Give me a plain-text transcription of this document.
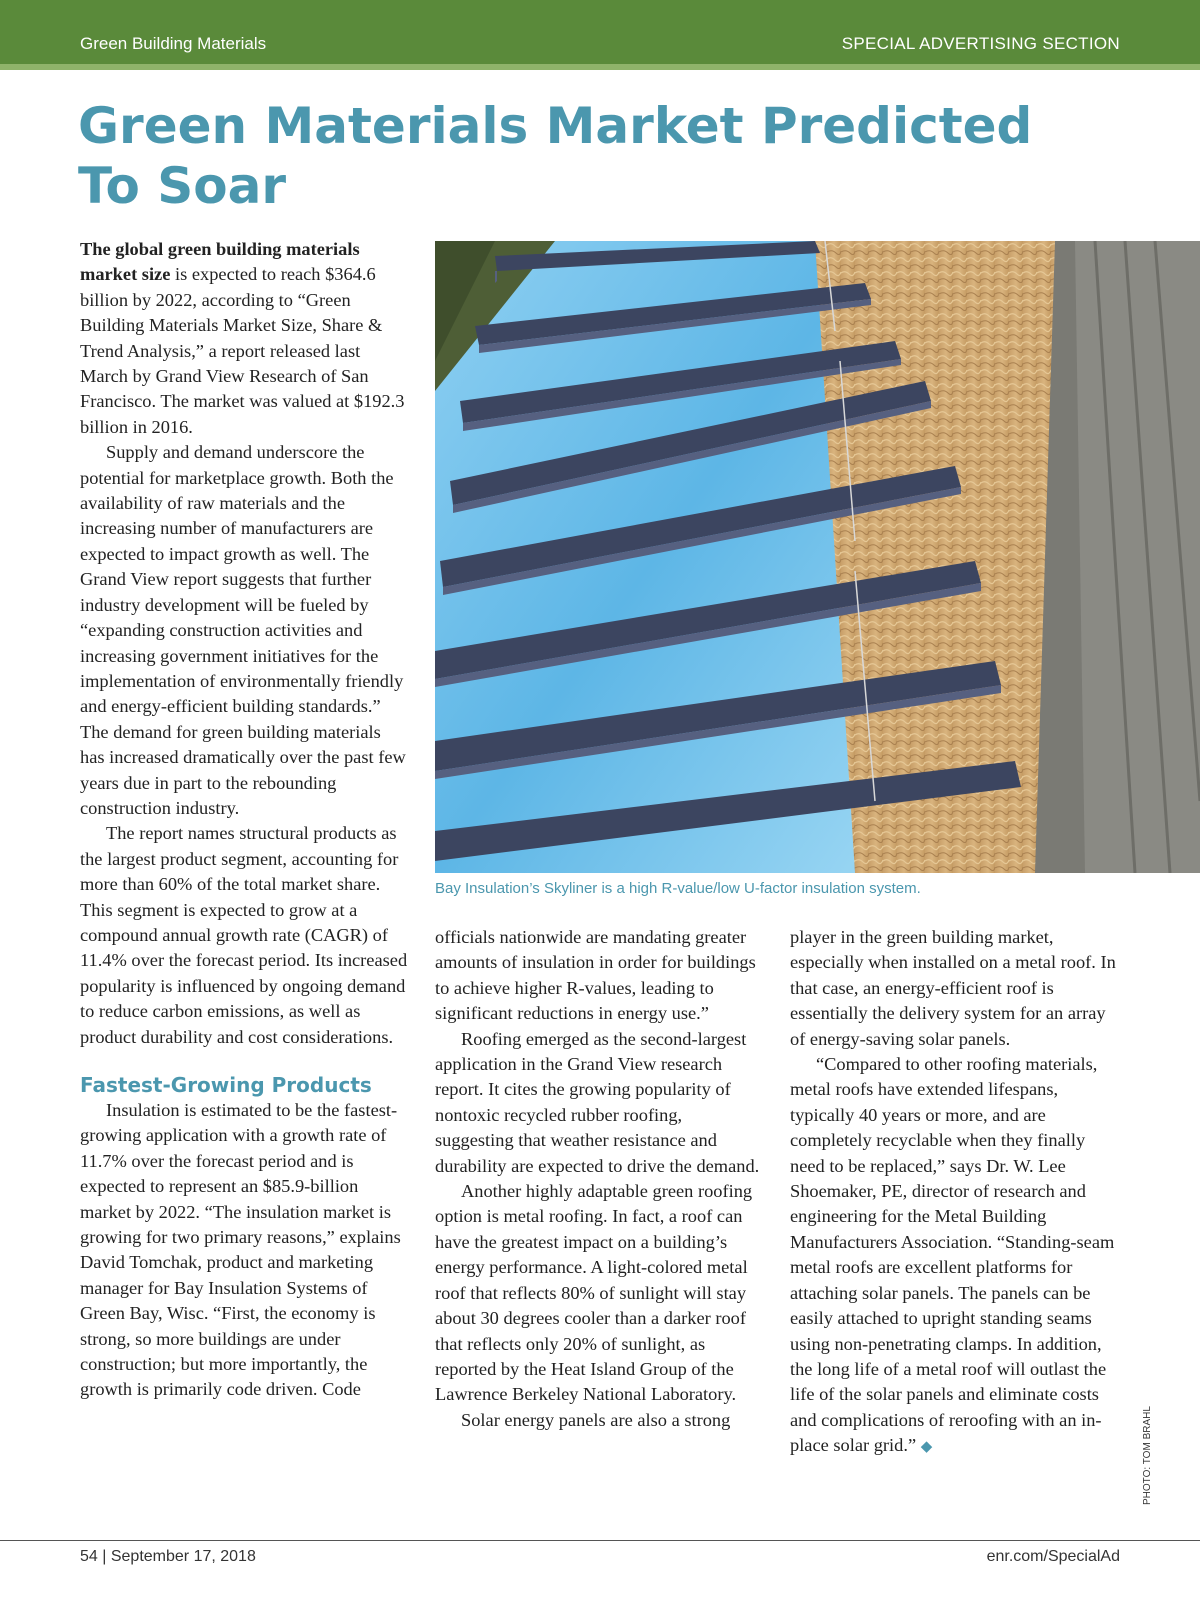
Green Building Materials	SPECIAL ADVERTISING SECTION
Green Materials Market Predicted
To Soar

The global green building materials market size is expected to reach $364.6 billion by 2022, according to “Green Building Materials Market Size, Share & Trend Analysis,” a report released last March by Grand View Research of San Francisco. The market was valued at $192.3 billion in 2016.

Supply and demand underscore the potential for marketplace growth. Both the availability of raw materials and the increasing number of manufacturers are expected to impact growth as well. The Grand View report suggests that further industry development will be fueled by “expanding construction activities and increasing government initiatives for the implementation of environmentally friendly and energy-efficient building standards.” The demand for green building materials has increased dramatically over the past few years due in part to the rebounding construction industry.

The report names structural products as the largest product segment, accounting for more than 60% of the total market share. This segment is expected to grow at a compound annual growth rate (CAGR) of 11.4% over the forecast period. Its increased popularity is influenced by ongoing demand to reduce carbon emissions, as well as product durability and cost considerations.

Fastest-Growing Products

Insulation is estimated to be the fastest-growing application with a growth rate of 11.7% over the forecast period and is expected to represent an $85.9-billion market by 2022. “The insulation market is growing for two primary reasons,” explains David Tomchak, product and marketing manager for Bay Insulation Systems of Green Bay, Wisc. “First, the economy is strong, so more buildings are under construction; but more importantly, the growth is primarily code driven. Code

Bay Insulation’s Skyliner is a high R-value/low U-factor insulation system.

officials nationwide are mandating greater amounts of insulation in order for buildings to achieve higher R-values, leading to significant reductions in energy use.”

Roofing emerged as the second-largest application in the Grand View research report. It cites the growing popularity of nontoxic recycled rubber roofing, suggesting that weather resistance and durability are expected to drive the demand.

Another highly adaptable green roofing option is metal roofing. In fact, a roof can have the greatest impact on a building’s energy performance. A light-colored metal roof that reflects 80% of sunlight will stay about 30 degrees cooler than a darker roof that reflects only 20% of sunlight, as reported by the Heat Island Group of the Lawrence Berkeley National Laboratory.

Solar energy panels are also a strong

player in the green building market, especially when installed on a metal roof. In that case, an energy-efficient roof is essentially the delivery system for an array of energy-saving solar panels.

“Compared to other roofing materials, metal roofs have extended lifespans, typically 40 years or more, and are completely recyclable when they finally need to be replaced,” says Dr. W. Lee Shoemaker, PE, director of research and engineering for the Metal Building Manufacturers Association. “Standing-seam metal roofs are excellent platforms for attaching solar panels. The panels can be easily attached to upright standing seams using non-penetrating clamps. In addition, the long life of a metal roof will outlast the life of the solar panels and eliminate costs and complications of reroofing with an in-place solar grid.” ◆	PHOTO: TOM BRAHL
54 | September 17, 2018	enr.com/SpecialAd
